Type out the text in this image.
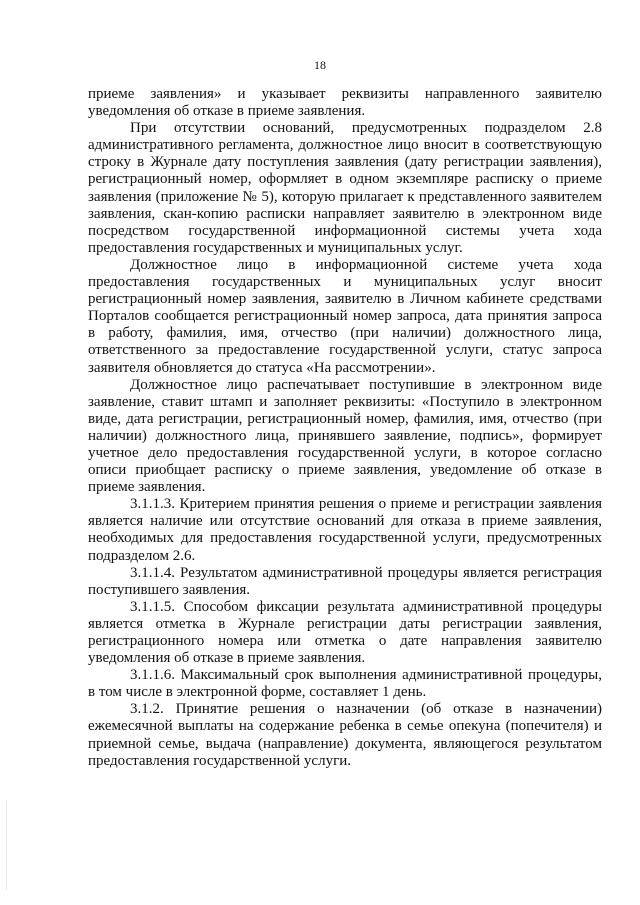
18

приеме заявления» и указывает реквизиты направленного заявителю уведомления об отказе в приеме заявления.

При отсутствии оснований, предусмотренных подразделом 2.8 административного регламента, должностное лицо вносит в соответствующую строку в Журнале дату поступления заявления (дату регистрации заявления), регистрационный номер, оформляет в одном экземпляре расписку о приеме заявления (приложение № 5), которую прилагает к представленного заявителем заявления, скан-копию расписки направляет заявителю в электронном виде посредством государственной информационной системы учета хода предоставления государственных и муниципальных услуг.

Должностное лицо в информационной системе учета хода предоставления государственных и муниципальных услуг вносит регистрационный номер заявления, заявителю в Личном кабинете средствами Порталов сообщается регистрационный номер запроса, дата принятия запроса в работу, фамилия, имя, отчество (при наличии) должностного лица, ответственного за предоставление государственной услуги, статус запроса заявителя обновляется до статуса «На рассмотрении».

Должностное лицо распечатывает поступившие в электронном виде заявление, ставит штамп и заполняет реквизиты: «Поступило в электронном виде, дата регистрации, регистрационный номер, фамилия, имя, отчество (при наличии) должностного лица, принявшего заявление, подпись», формирует учетное дело предоставления государственной услуги, в которое согласно описи приобщает расписку о приеме заявления, уведомление об отказе в приеме заявления.

3.1.1.3. Критерием принятия решения о приеме и регистрации заявления является наличие или отсутствие оснований для отказа в приеме заявления, необходимых для предоставления государственной услуги, предусмотренных подразделом 2.6.

3.1.1.4. Результатом административной процедуры является регистрация поступившего заявления.

3.1.1.5. Способом фиксации результата административной процедуры является отметка в Журнале регистрации даты регистрации заявления, регистрационного номера или отметка о дате направления заявителю уведомления об отказе в приеме заявления.

3.1.1.6. Максимальный срок выполнения административной процедуры, в том числе в электронной форме, составляет 1 день.

3.1.2. Принятие решения о назначении (об отказе в назначении) ежемесячной выплаты на содержание ребенка в семье опекуна (попечителя) и приемной семье, выдача (направление) документа, являющегося результатом предоставления государственной услуги.
